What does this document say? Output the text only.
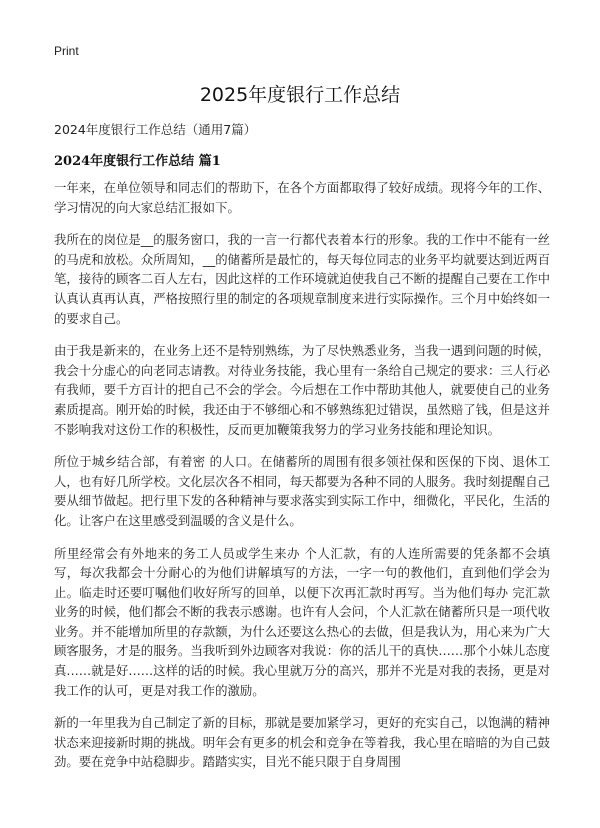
Print
2025年度银行工作总结
2024年度银行工作总结（通用7篇）
2024年度银行工作总结 篇1

一年来，在单位领导和同志们的帮助下，在各个方面都取得了较好成绩。现将今年的工作、学习情况的向大家总结汇报如下。

我所在的岗位是__的服务窗口，我的一言一行都代表着本行的形象。我的工作中不能有一丝的马虎和放松。众所周知，__的储蓄所是最忙的，每天每位同志的业务平均就要达到近两百笔，接待的顾客二百人左右，因此这样的工作环境就迫使我自己不断的提醒自己要在工作中认真认真再认真，严格按照行里的制定的各项规章制度来进行实际操作。三个月中始终如一的要求自己。

由于我是新来的，在业务上还不是特别熟练，为了尽快熟悉业务，当我一遇到问题的时候，我会十分虚心的向老同志请教。对待业务技能，我心里有一条给自己规定的要求：三人行必有我师，要千方百计的把自己不会的学会。今后想在工作中帮助其他人，就要使自己的业务素质提高。刚开始的时候，我还由于不够细心和不够熟练犯过错误，虽然赔了钱，但是这并不影响我对这份工作的积极性，反而更加鞭策我努力的学习业务技能和理论知识。

所位于城乡结合部，有着密 的人口。在储蓄所的周围有很多领社保和医保的下岗、退休工人，也有好几所学校。文化层次各不相同，每天都要为各种不同的人服务。我时刻提醒自己要从细节做起。把行里下发的各种精神与要求落实到实际工作中，细微化，平民化，生活的化。让客户在这里感受到温暖的含义是什么。

所里经常会有外地来的务工人员或学生来办 个人汇款，有的人连所需要的凭条都不会填写，每次我都会十分耐心的为他们讲解填写的方法，一字一句的教他们，直到他们学会为止。临走时还要叮嘱他们收好所写的回单，以便下次再汇款时再写。当为他们每办 完汇款业务的时候，他们都会不断的我表示感谢。也许有人会问，个人汇款在储蓄所只是一项代收业务。并不能增加所里的存款额，为什么还要这么热心的去做，但是我认为，用心来为广大顾客服务，才是的服务。当我听到外边顾客对我说：你的活儿干的真快……那个小妹儿态度真……就是好……这样的话的时候。我心里就万分的高兴，那并不光是对我的表扬，更是对我工作的认可，更是对我工作的激励。

新的一年里我为自己制定了新的目标，那就是要加紧学习，更好的充实自己，以饱满的精神状态来迎接新时期的挑战。明年会有更多的机会和竞争在等着我，我心里在暗暗的为自己鼓劲。要在竞争中站稳脚步。踏踏实实，目光不能只限于自身周围
